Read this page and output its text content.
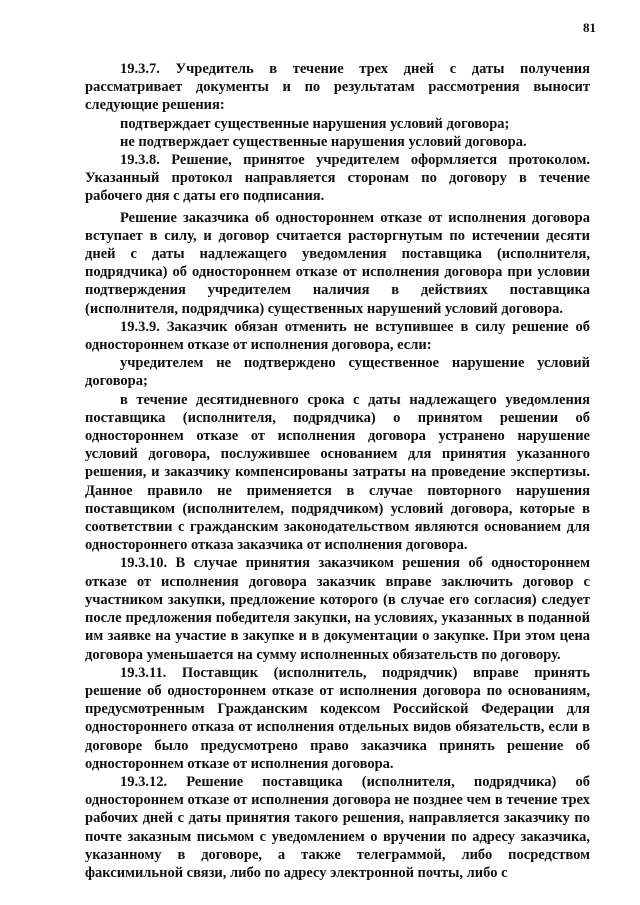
81

19.3.7. Учредитель в течение трех дней с даты получения рассматривает документы и по результатам рассмотрения выносит следующие решения:

подтверждает существенные нарушения условий договора;

не подтверждает существенные нарушения условий договора.

19.3.8. Решение, принятое учредителем оформляется протоколом. Указанный протокол направляется сторонам по договору в течение рабочего дня с даты его подписания.

Решение заказчика об одностороннем отказе от исполнения договора вступает в силу, и договор считается расторгнутым по истечении десяти дней с даты надлежащего уведомления поставщика (исполнителя, подрядчика) об одностороннем отказе от исполнения договора при условии подтверждения учредителем наличия в действиях поставщика (исполнителя, подрядчика) существенных нарушений условий договора.

19.3.9. Заказчик обязан отменить не вступившее в силу решение об одностороннем отказе от исполнения договора, если:

учредителем не подтверждено существенное нарушение условий договора;

в течение десятидневного срока с даты надлежащего уведомления поставщика (исполнителя, подрядчика) о принятом решении об одностороннем отказе от исполнения договора устранено нарушение условий договора, послужившее основанием для принятия указанного решения, и заказчику компенсированы затраты на проведение экспертизы. Данное правило не применяется в случае повторного нарушения поставщиком (исполнителем, подрядчиком) условий договора, которые в соответствии с гражданским законодательством являются основанием для одностороннего отказа заказчика от исполнения договора.

19.3.10. В случае принятия заказчиком решения об одностороннем отказе от исполнения договора заказчик вправе заключить договор с участником закупки, предложение которого (в случае его согласия) следует после предложения победителя закупки, на условиях, указанных в поданной им заявке на участие в закупке и в документации о закупке. При этом цена договора уменьшается на сумму исполненных обязательств по договору.

19.3.11. Поставщик (исполнитель, подрядчик) вправе принять решение об одностороннем отказе от исполнения договора по основаниям, предусмотренным Гражданским кодексом Российской Федерации для одностороннего отказа от исполнения отдельных видов обязательств, если в договоре было предусмотрено право заказчика принять решение об одностороннем отказе от исполнения договора.

19.3.12. Решение поставщика (исполнителя, подрядчика) об одностороннем отказе от исполнения договора не позднее чем в течение трех рабочих дней с даты принятия такого решения, направляется заказчику по почте заказным письмом с уведомлением о вручении по адресу заказчика, указанному в договоре, а также телеграммой, либо посредством факсимильной связи, либо по адресу электронной почты, либо с
